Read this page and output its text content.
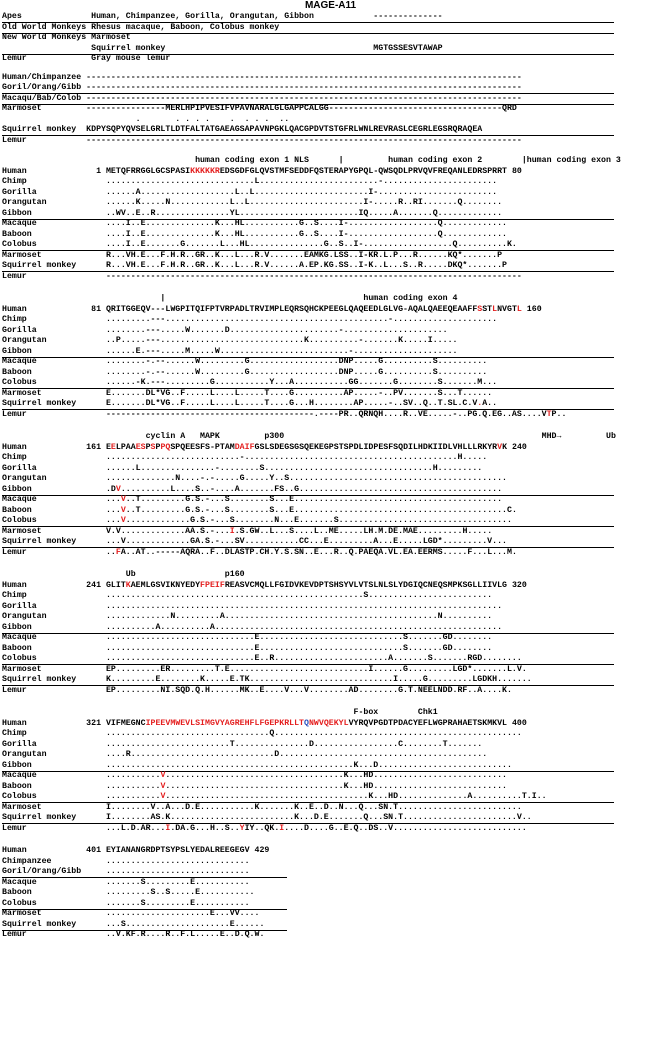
MAGE-A11
Apes              Human, Chimpanzee, Gorilla, Orangutan, Gibbon            --------------
Old World Monkeys Rhesus macaque, Baboon, Colobus monkey
New World Monkeys Marmoset
Squirrel monkey                                          MGTGSSESVTAWAP
Lemur             Gray mouse lemur
Human/Chimpanzee ----------------------------------------------------------------------------------------
Goril/Orang/Gibb ----------------------------------------------------------------------------------------
Macaqu/Bab/Colob ----------------------------------------------------------------------------------------
Marmoset         ----------------MERLHPIPVESIFVPAVNARALGLGAPPCALGG-----------------------------------QRD
.       . . . .    .  . . .  ..
Squirrel monkey  KDPYSQPYQVSELGRLTLDTFALTATGAEAGSAPAVNPGKLQACGPDVTSTGFRLWNLREVRASLCEGRLEGSRQRAQEA
Lemur            ----------------------------------------------------------------------------------------
human coding exon 1 NLS      |         human coding exon 2        |human coding exon 3
Human              1 METQFRRGGLGCSPASIKKKKKREDSGDFGLQVSTMFSEDDFQSTERAPYGPQL-QWSQDLPRVQVFREQANLEDRSPRRT 80
Chimp                ..............................L........................-.......................
Gorilla              ......A...................L..L.......................I-........................
Orangutan            ......K.....N............L..L.......................I-.....R..RI.......Q........
Gibbon               ..WV..E..R...............YL........................IQ.....A.......Q.............
Macaque              ....I..E..............K...HL...........G..S....I-..................Q.............
Baboon               ....I..E..............K...HL...........G..S....I-..................Q.............
Colobus              ....I..E.......G.......L...HL...............G..S..I-..................Q..........K.
Marmoset             R...VH.E...F.H.R..GR..K...L...R.V.......EAMKG.LSS..I-KR.L.P...R......KQ*.......P
Squirrel monkey      R...VH.E...F.H.R..GR..K...L...R.V......A.EP.KG.SS..I-K..L...S..R.....DKQ*.......P
Lemur                ------------------------------------------------------------------------------------
|                                        human coding exon 4
Human             81 QRITGGEQV---LWGPITQIFPTVRPADLTRVIMPLEQRSQHCKPEEGLQAQEEDLGLVG-AQALQAEEQEAAFFSSTLNVGTL 160
Chimp                .........---.............................................-.....................
Gorilla              ........---.....W.......D......................-.....................
Orangutan            ..P.....---.............................K..........-.......K.....I.....
Gibbon               ......E.---.....M.....W..........................-.....................
Macaque              ........-.--......W.........G..................DNP.....G..........S..........
Baboon               ........-.--......W.........G..................DNP.....G..........S..........
Colobus              ......-K.---.........G...........Y...A...........GG.......G........S.......M...
Marmoset             E.......DL*VG..F.....L....L.....T....G..........AP.....-..PV.......S...T......
Squirrel monkey      E.......DL*VG..F.....L....L.....T....G...H........AP.....-..SV..Q..T.SL.C.V.A..
Lemur                ------------------------------------------.----PR..QRNQH....R..VE.....-..PG.Q.EG..AS....VTP..
cyclin A   MAPK         p300                                                    MHD→         Ub
Human            161 EELPAAESPSPPQSPQEESFS-PTAMDAIFGSLSDEGSGSQEKEGPSTSPDLIDPESFSQDILHDKIIDLVHLLLRKYRVK 240
Chimp                ...........................-...........................................H.....
Gorilla              ......L...............-........S..................................H.........
Orangutan            ..............N....-.-.....G.....Y..S............................................
Gibbon               .DV..........L....S..-....A.......FS..G.........................................
Macaque              ...V..T.........G.S.-...S........S...E..........................................
Baboon               ...V..T.........G.S.-...S........S...E...........................................C.
Colobus              ...V.............G.S.-...S........N...E.......S...................................
Marmoset             V.V.............AA.S.-...I.S.GW..L...S....L..ME.....LH.M.DE.MAE.........H.....
Squirrel monkey      ...V.............GA.S.-...SV...........CC...E.........A...E.....LGD*.........V...
Lemur                ..FA..AT..-----AQRA..F..DLASTP.CH.Y.S.SN..E...R..Q.PAEQA.VL.EA.EERMS.....F...L...M.
Ub                  p160
Human            241 GLITKAEMLGSVIKNYEDYFPEIFREASVCMQLLFGIDVKEVDPTSHSYVLVTSLNLSLYDGIQCNEQSMPKSGLLIIVLG 320
Chimp                ....................................................S.........................
Gorilla              ................................................................................
Orangutan            .............N.........A...........................................N..........
Gibbon               ..........A..........A..........................................................
Macaque              ..............................E.............................S.......GD........
Baboon               ..............................E.............................S.......GD........
Colobus              ..............................E..R.......................A.......S.......RGD........
Marmoset             EP.........ER.........T.E............................I......G.........LGD*.......L.V.
Squirrel monkey      K.........E........K.....E.TK.............................I.....G.........LGDKH.......
Lemur                EP.........NI.SQD.Q.H......MK..E....V...V........AD........G.T.NEELNDD.RF..A....K.
F-box        Chk1
Human            321 VIFMEGNCIPEEVMWEVLSIMGVYAGREHFLFGEPKRLLTQNWVQEKYLVYRQVPGDTPDACYEFLWGPRAHAETSKMKVL 400
Chimp                .................................Q..................................................
Gorilla              .........................T...............D.................C........T.......
Orangutan            ....R.............................D..........................................
Gibbon               ..................................................K...D...........................
Macaque              ...........V....................................K...HD...........................
Baboon               ...........V....................................K...HD...........................
Colobus              ...........V.........................................K...HD..............A..........T.I..
Marmoset             I........V..A...D.E...........K.......K..E..D..N...Q...SN.T.........................
Squirrel monkey      I........AS.K.........................K...D.E.......Q...SN.T.......................V..
Lemur                ...L.D.AR...I.DA.G...H..S..YIY..QK.I....D....G..E.Q..DS..V...........................
Human            401 EYIANANGRDPTSYPSLYEDALREEGEGV 429
Chimpanzee           .............................
Goril/Orang/Gibb     .............................
Macaque              .......S.........E...........
Baboon               .........S..S.....E...........
Colobus              .......S.........E...........
Marmoset             .....................E...VV....
Squirrel monkey      ...S.....................E......
Lemur                ..V.KF.R....R..F.L.....E..D.Q.W.
